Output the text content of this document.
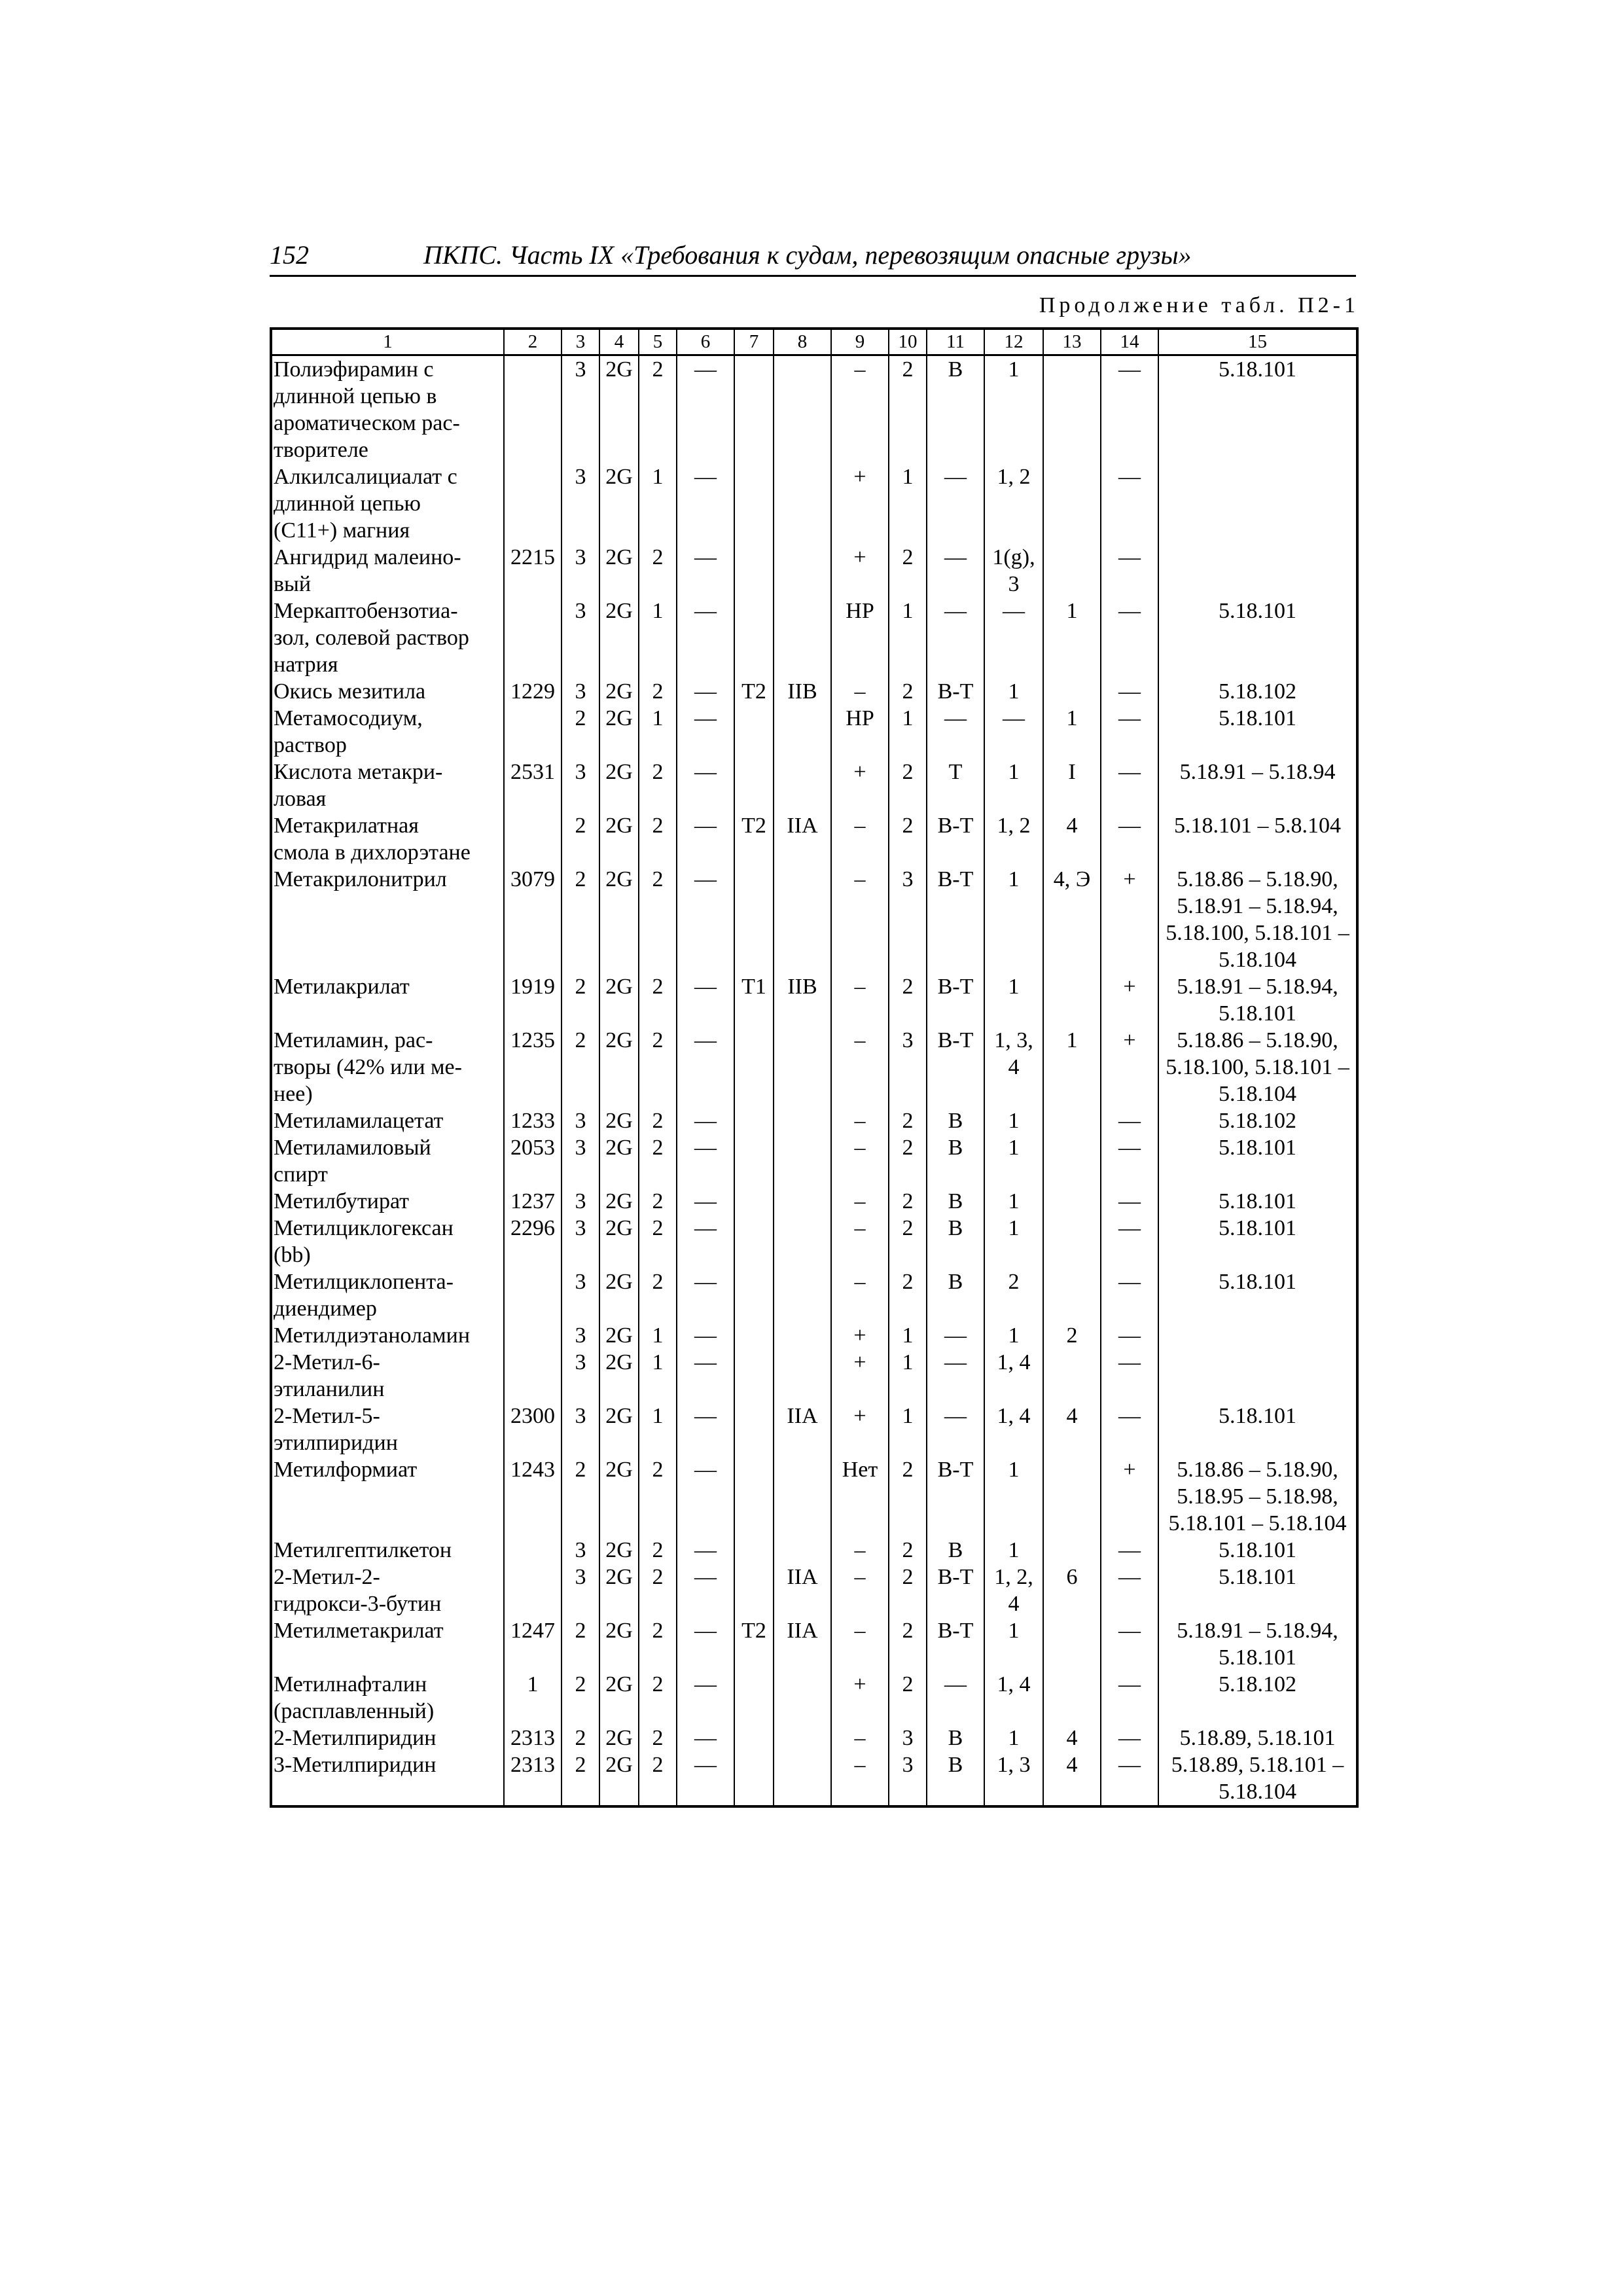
152	ПКПС. Часть IX «Требования к судам, перевозящим опасные грузы»
Продолжение табл. П2-1
1	2	3	4	5	6	7	8	9	10	11	12	13	14	15

Полиэфирамин с
длинной цепью в
ароматическом рас-
творителе		3	2G	2	—			–	2	В	1		—	5.18.101

Алкилсалициалат с
длинной цепью
(C11+) магния		3	2G	1	—			+	1	—	1, 2		—	

Ангидрид малеино-
вый	2215	3	2G	2	—			+	2	—	1(g), 3		—	

Меркаптобензотиа-
зол, солевой раствор
натрия		3	2G	1	—			НР	1	—	—	1	—	5.18.101

Окись мезитила	1229	3	2G	2	—	Т2	IIВ	–	2	В-Т	1		—	5.18.102

Метамосодиум,
раствор		2	2G	1	—			НР	1	—	—	1	—	5.18.101

Кислота метакри-
ловая	2531	3	2G	2	—			+	2	Т	1	I	—	5.18.91 – 5.18.94

Метакрилатная
смола в дихлорэтане		2	2G	2	—	Т2	IIА	–	2	В-Т	1, 2	4	—	5.18.101 – 5.8.104

Метакрилонитрил	3079	2	2G	2	—			–	3	В-Т	1	4, Э	+	5.18.86 – 5.18.90, 5.18.91 – 5.18.94, 5.18.100, 5.18.101 – 5.18.104

Метилакрилат	1919	2	2G	2	—	Т1	IIВ	–	2	В-Т	1		+	5.18.91 – 5.18.94, 5.18.101

Метиламин, рас-
творы (42% или ме-
нее)	1235	2	2G	2	—			–	3	В-Т	1, 3, 4	1	+	5.18.86 – 5.18.90, 5.18.100, 5.18.101 – 5.18.104

Метиламилацетат	1233	3	2G	2	—			–	2	В	1		—	5.18.102

Метиламиловый
спирт	2053	3	2G	2	—			–	2	В	1		—	5.18.101

Метилбутират	1237	3	2G	2	—			–	2	В	1		—	5.18.101

Метилциклогексан
(bb)	2296	3	2G	2	—			–	2	В	1		—	5.18.101

Метилциклопента-
диендимер		3	2G	2	—			–	2	В	2		—	5.18.101

Метилдиэтаноламин		3	2G	1	—			+	1	—	1	2	—	

2-Метил-6-
этиланилин		3	2G	1	—			+	1	—	1, 4		—	

2-Метил-5-
этилпиридин	2300	3	2G	1	—		IIА	+	1	—	1, 4	4	—	5.18.101

Метилформиат	1243	2	2G	2	—			Нет	2	В-Т	1		+	5.18.86 – 5.18.90, 5.18.95 – 5.18.98, 5.18.101 – 5.18.104

Метилгептилкетон		3	2G	2	—			–	2	В	1		—	5.18.101

2-Метил-2-
гидрокси-3-бутин		3	2G	2	—		IIА	–	2	В-Т	1, 2, 4	6	—	5.18.101

Метилметакрилат	1247	2	2G	2	—	Т2	IIА	–	2	В-Т	1		—	5.18.91 – 5.18.94, 5.18.101

Метилнафталин
(расплавленный)	1	2	2G	2	—			+	2	—	1, 4		—	5.18.102

2-Метилпиридин	2313	2	2G	2	—			–	3	В	1	4	—	5.18.89, 5.18.101

3-Метилпиридин	2313	2	2G	2	—			–	3	В	1, 3	4	—	5.18.89, 5.18.101 – 5.18.104
